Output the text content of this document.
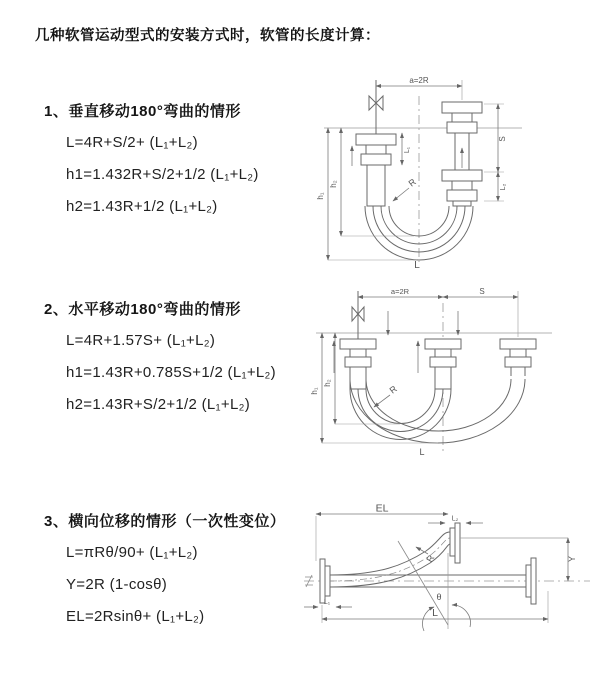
几种软管运动型式的安装方式时，软管的长度计算：
1、垂直移动180°弯曲的情形
L=4R+S/2+ (L₁+L₂)
h1=1.432R+S/2+1/2 (L₁+L₂)
h2=1.43R+1/2 (L₁+L₂)
2、水平移动180°弯曲的情形
L=4R+1.57S+ (L₁+L₂)
h1=1.43R+0.785S+1/2 (L₁+L₂)
h2=1.43R+S/2+1/2 (L₁+L₂)
3、横向位移的情形（一次性变位）
L=πRθ/90+ (L₁+L₂)
Y=2R (1-cosθ)
EL=2Rsinθ+ (L₁+L₂)
a=2R
L₁
S
L₂
h₁
h₂	R
L
a=2R	S
h₁
h₂
R
L
EL
L₂
Y
R
θ
L
L₁
